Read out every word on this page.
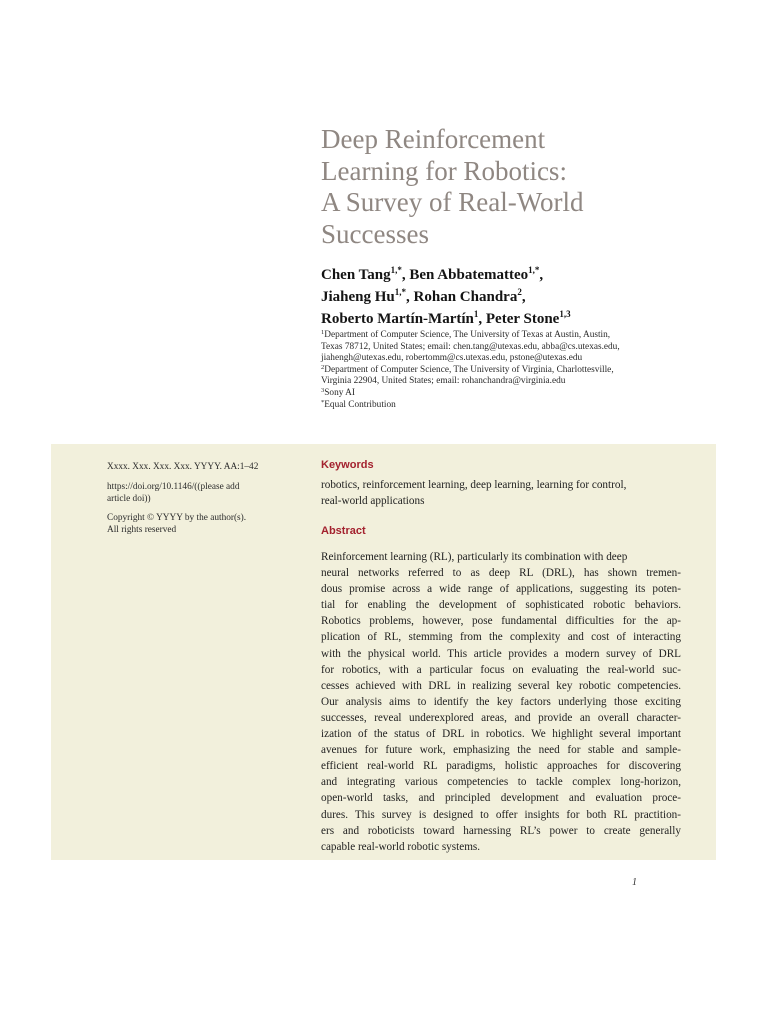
Deep Reinforcement
Learning for Robotics:
A Survey of Real-World
Successes
Chen Tang$^{1,*}$, Ben Abbatematteo$^{1,*}$,
Jiaheng $Hu^{1,*}$, Rohan Chandra$^2$,
Roberto Martín-Martín$^1$, Peter Stone$^{1,3}$
$^1$Department of Computer Science, The University of Texas at Austin, Austin,
Texas 78712, United States; email: chen.tang@utexas.edu, abba@cs.utexas.edu,
jiahengh@utexas.edu, robertomm@cs.utexas.edu, pstone@utexas.edu
$^2$Department of Computer Science, The University of Virginia, Charlottesville,
Virginia 22904, United States; email: rohanchandra@virginia.edu
$^3$Sony AI
*Equal Contribution

Xxxx. Xxx. Xxx. Xxx. YYYY. AA:1–42

https://doi.org/10.1146/((please add
article doi))

Copyright © YYYY by the author(s).
All rights reserved

Keywords
robotics, reinforcement learning, deep learning, learning for control,
real-world applications
Abstract
Reinforcement learning (RL), particularly its combination with deep
neural networks referred to as deep RL (DRL), has shown tremen-
dous promise across a wide range of applications, suggesting its poten-
tial for enabling the development of sophisticated robotic behaviors.
Robotics problems, however, pose fundamental difficulties for the ap-
plication of RL, stemming from the complexity and cost of interacting
with the physical world. This article provides a modern survey of DRL
for robotics, with a particular focus on evaluating the real-world suc-
cesses achieved with DRL in realizing several key robotic competencies.
Our analysis aims to identify the key factors underlying those exciting
successes, reveal underexplored areas, and provide an overall character-
ization of the status of DRL in robotics. We highlight several important
avenues for future work, emphasizing the need for stable and sample-
efficient real-world RL paradigms, holistic approaches for discovering
and integrating various competencies to tackle complex long-horizon,
open-world tasks, and principled development and evaluation proce-
dures. This survey is designed to offer insights for both RL practition-
ers and roboticists toward harnessing RL’s power to create generally
capable real-world robotic systems.
1
